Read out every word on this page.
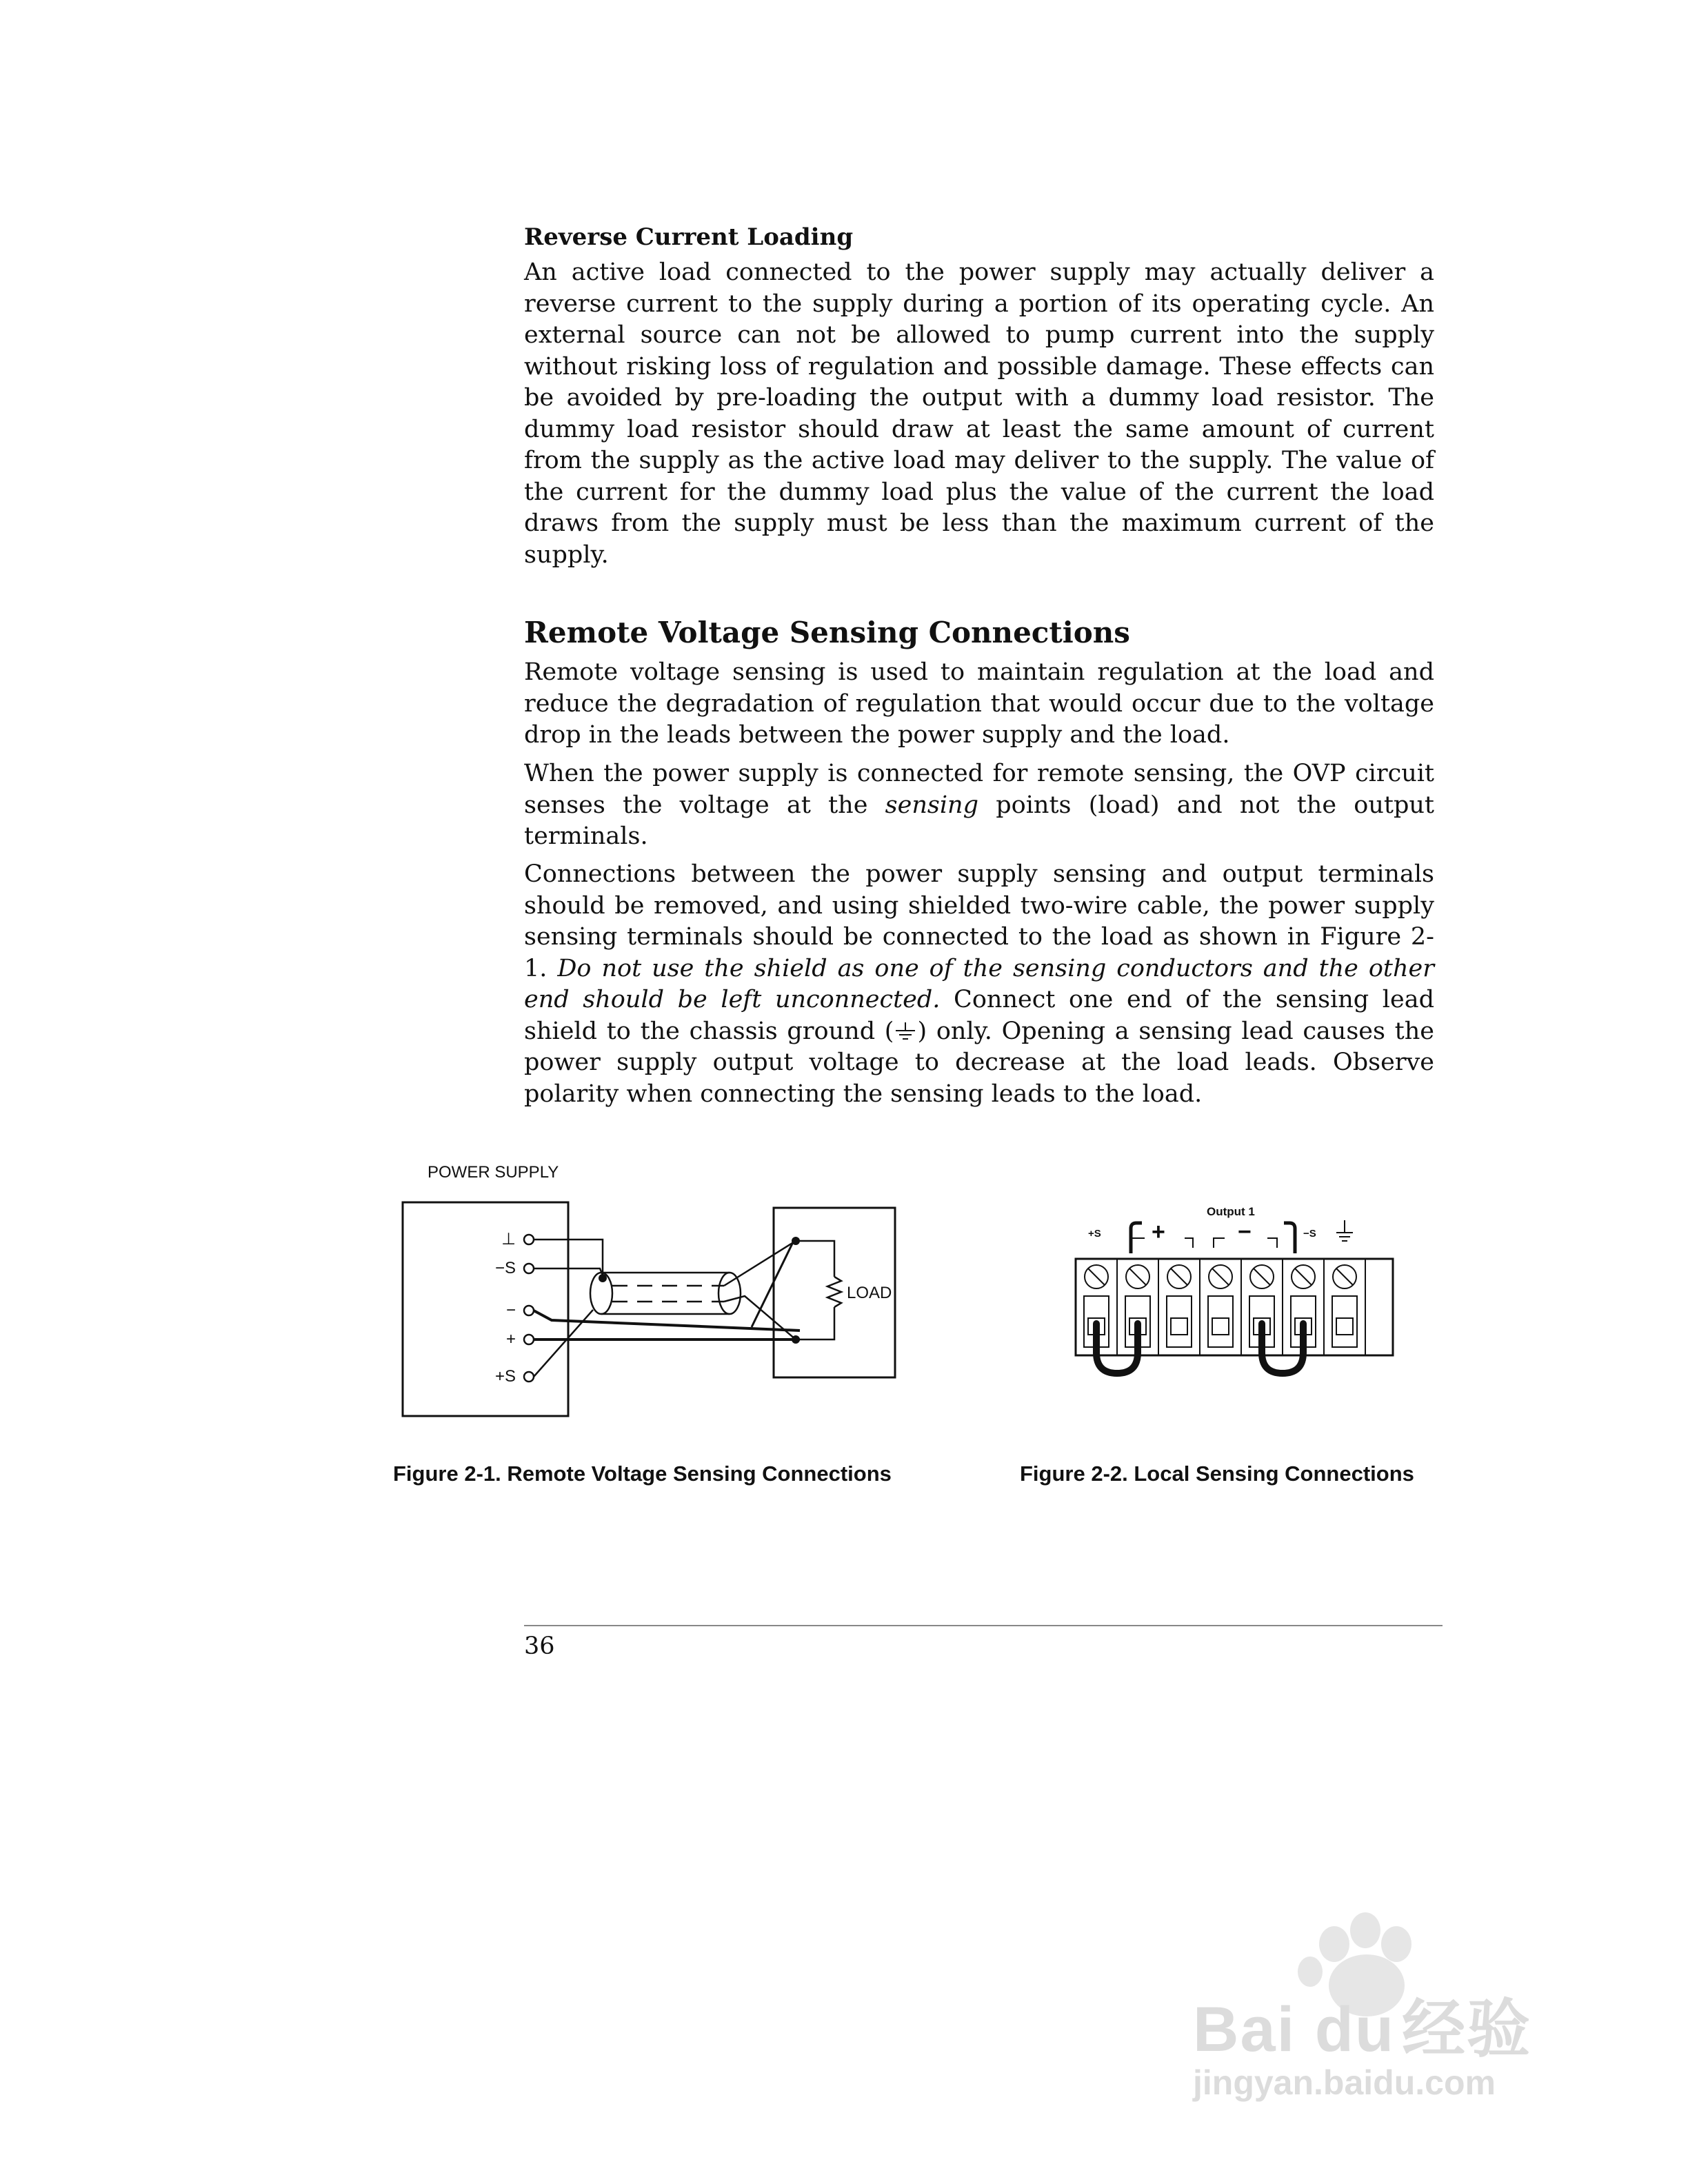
Reverse Current Loading
An active load connected to the power supply may actually deliver a reverse current to the supply during a portion of its operating cycle. An external source can not be allowed to pump current into the supply without risking loss of regulation and possible damage. These effects can be avoided by pre-loading the output with a dummy load resistor. The dummy load resistor should draw at least the same amount of current from the supply as the active load may deliver to the supply. The value of the current for the dummy load plus the value of the current the load draws from the supply must be less than the maximum current of the supply.
Remote Voltage Sensing Connections
Remote voltage sensing is used to maintain regulation at the load and reduce the degradation of regulation that would occur due to the voltage drop in the leads between the power supply and the load.
When the power supply is connected for remote sensing, the OVP circuit senses the voltage at the sensing points (load) and not the output terminals.
Connections between the power supply sensing and output terminals should be removed, and using shielded two-wire cable, the power supply sensing terminals should be connected to the load as shown in Figure 2-1. Do not use the shield as one of the sensing conductors and the other end should be left unconnected. Connect one end of the sensing lead shield to the chassis ground ( ) only. Opening a sensing lead causes the power supply output voltage to decrease at the load leads. Observe polarity when connecting the sensing leads to the load.
POWER SUPPLY
⊥
−S
−
+
+S
LOAD
Figure 2-1. Remote Voltage Sensing Connections
Output 1
+S +	−	−S
Figure 2-2. Local Sensing Connections
36
Bai du 经验
jingyan.baidu.com
